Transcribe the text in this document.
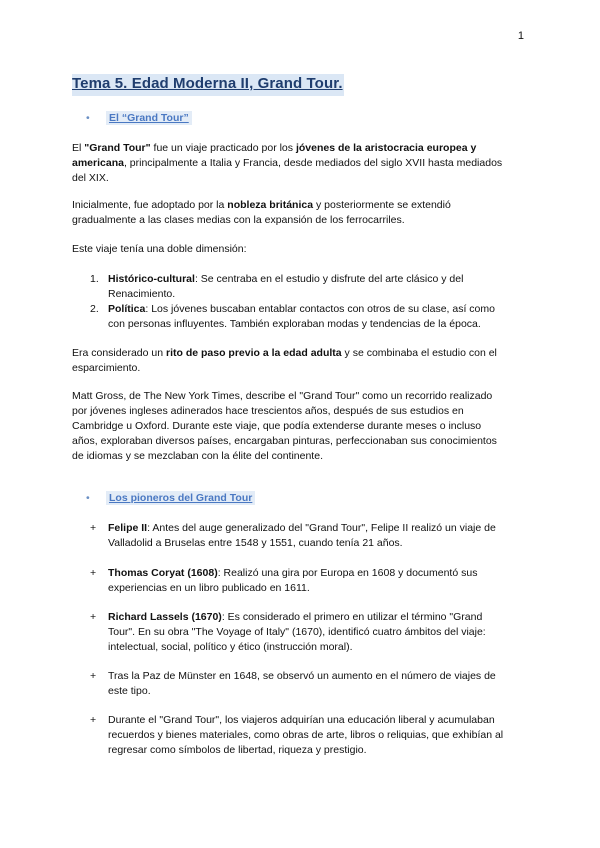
1
Tema 5. Edad Moderna II, Grand Tour.
• El “Grand Tour”
El "Grand Tour" fue un viaje practicado por los jóvenes de la aristocracia europea y
americana, principalmente a Italia y Francia, desde mediados del siglo XVII hasta mediados
del XIX.
Inicialmente, fue adoptado por la nobleza británica y posteriormente se extendió
gradualmente a las clases medias con la expansión de los ferrocarriles.
Este viaje tenía una doble dimensión:
1. Histórico-cultural: Se centraba en el estudio y disfrute del arte clásico y del
Renacimiento.
2. Política: Los jóvenes buscaban entablar contactos con otros de su clase, así como
con personas influyentes. También exploraban modas y tendencias de la época.
Era considerado un rito de paso previo a la edad adulta y se combinaba el estudio con el
esparcimiento.
Matt Gross, de The New York Times, describe el "Grand Tour" como un recorrido realizado
por jóvenes ingleses adinerados hace trescientos años, después de sus estudios en
Cambridge u Oxford. Durante este viaje, que podía extenderse durante meses o incluso
años, exploraban diversos países, encargaban pinturas, perfeccionaban sus conocimientos
de idiomas y se mezclaban con la élite del continente.
• Los pioneros del Grand Tour
+ Felipe II: Antes del auge generalizado del "Grand Tour", Felipe II realizó un viaje de
Valladolid a Bruselas entre 1548 y 1551, cuando tenía 21 años.
+ Thomas Coryat (1608): Realizó una gira por Europa en 1608 y documentó sus
experiencias en un libro publicado en 1611.
+ Richard Lassels (1670): Es considerado el primero en utilizar el término "Grand
Tour". En su obra "The Voyage of Italy" (1670), identificó cuatro ámbitos del viaje:
intelectual, social, político y ético (instrucción moral).
+ Tras la Paz de Münster en 1648, se observó un aumento en el número de viajes de
este tipo.
+ Durante el "Grand Tour", los viajeros adquirían una educación liberal y acumulaban
recuerdos y bienes materiales, como obras de arte, libros o reliquias, que exhibían al
regresar como símbolos de libertad, riqueza y prestigio.
